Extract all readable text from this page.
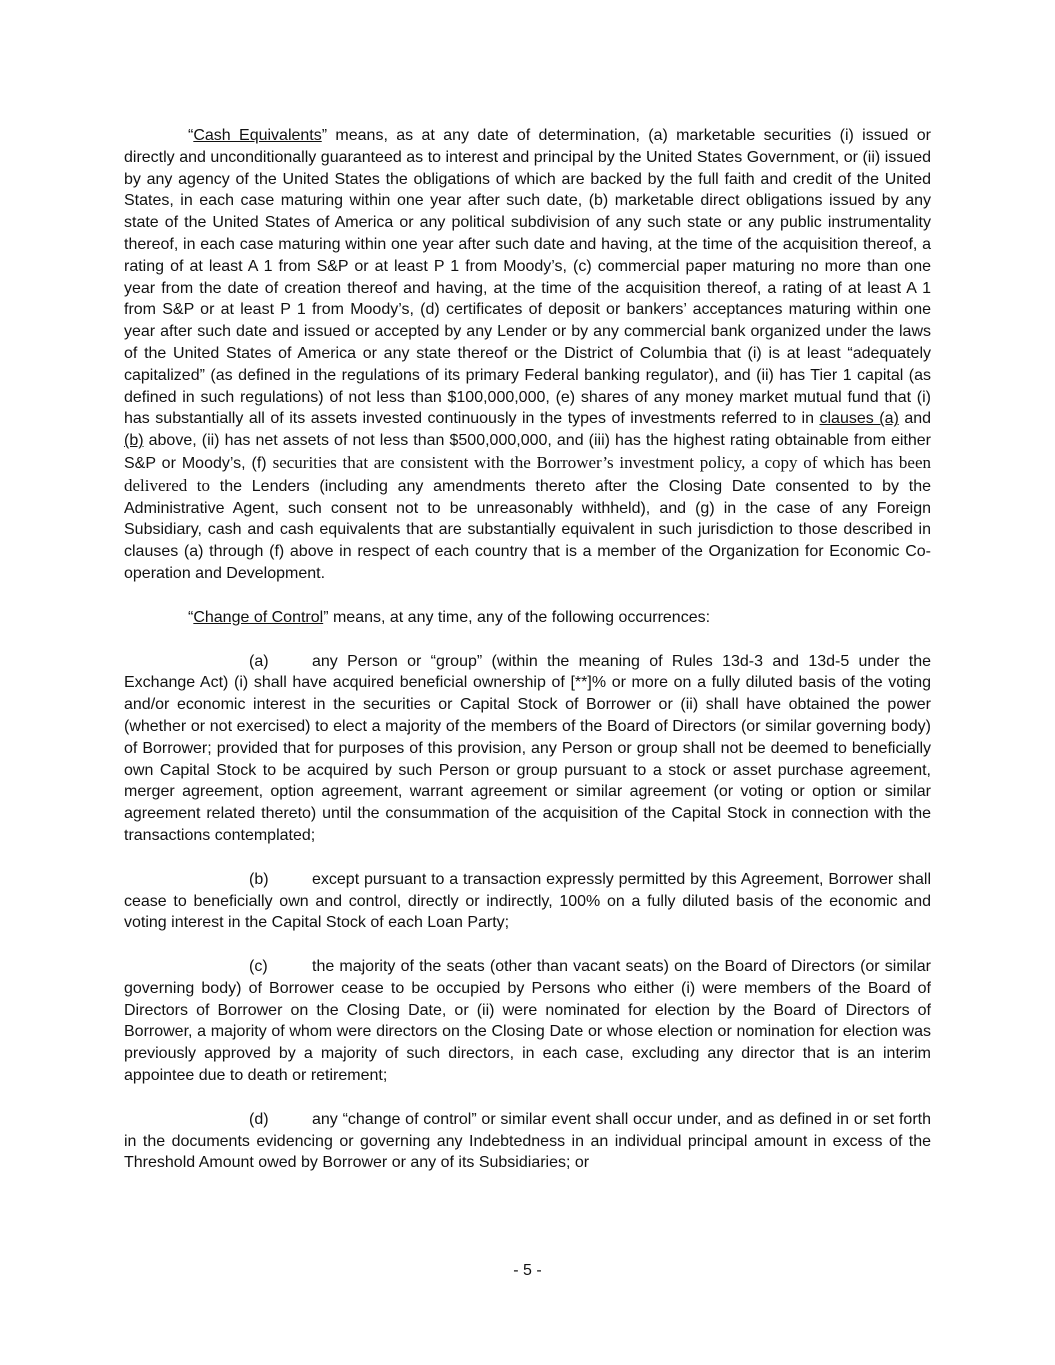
“Cash Equivalents” means, as at any date of determination, (a) marketable securities (i) issued or directly and unconditionally guaranteed as to interest and principal by the United States Government, or (ii) issued by any agency of the United States the obligations of which are backed by the full faith and credit of the United States, in each case maturing within one year after such date, (b) marketable direct obligations issued by any state of the United States of America or any political subdivision of any such state or any public instrumentality thereof, in each case maturing within one year after such date and having, at the time of the acquisition thereof, a rating of at least A 1 from S&P or at least P 1 from Moody’s, (c) commercial paper maturing no more than one year from the date of creation thereof and having, at the time of the acquisition thereof, a rating of at least A 1 from S&P or at least P 1 from Moody’s, (d) certificates of deposit or bankers’ acceptances maturing within one year after such date and issued or accepted by any Lender or by any commercial bank organized under the laws of the United States of America or any state thereof or the District of Columbia that (i) is at least “adequately capitalized” (as defined in the regulations of its primary Federal banking regulator), and (ii) has Tier 1 capital (as defined in such regulations) of not less than $100,000,000, (e) shares of any money market mutual fund that (i) has substantially all of its assets invested continuously in the types of investments referred to in clauses (a) and (b) above, (ii) has net assets of not less than $500,000,000, and (iii) has the highest rating obtainable from either S&P or Moody’s, (f) securities that are consistent with the Borrower’s investment policy, a copy of which has been delivered to the Lenders (including any amendments thereto after the Closing Date consented to by the Administrative Agent, such consent not to be unreasonably withheld), and (g) in the case of any Foreign Subsidiary, cash and cash equivalents that are substantially equivalent in such jurisdiction to those described in clauses (a) through (f) above in respect of each country that is a member of the Organization for Economic Co-operation and Development.

“Change of Control” means, at any time, any of the following occurrences:

(a)	any Person or “group” (within the meaning of Rules 13d-3 and 13d-5 under the Exchange Act) (i) shall have acquired beneficial ownership of [**]% or more on a fully diluted basis of the voting and/or economic interest in the securities or Capital Stock of Borrower or (ii) shall have obtained the power (whether or not exercised) to elect a majority of the members of the Board of Directors (or similar governing body) of Borrower; provided that for purposes of this provision, any Person or group shall not be deemed to beneficially own Capital Stock to be acquired by such Person or group pursuant to a stock or asset purchase agreement, merger agreement, option agreement, warrant agreement or similar agreement (or voting or option or similar agreement related thereto) until the consummation of the acquisition of the Capital Stock in connection with the transactions contemplated;

(b)	except pursuant to a transaction expressly permitted by this Agreement, Borrower shall cease to beneficially own and control, directly or indirectly, 100% on a fully diluted basis of the economic and voting interest in the Capital Stock of each Loan Party;

(c)	the majority of the seats (other than vacant seats) on the Board of Directors (or similar governing body) of Borrower cease to be occupied by Persons who either (i) were members of the Board of Directors of Borrower on the Closing Date, or (ii) were nominated for election by the Board of Directors of Borrower, a majority of whom were directors on the Closing Date or whose election or nomination for election was previously approved by a majority of such directors, in each case, excluding any director that is an interim appointee due to death or retirement;

(d)	any “change of control” or similar event shall occur under, and as defined in or set forth in the documents evidencing or governing any Indebtedness in an individual principal amount in excess of the Threshold Amount owed by Borrower or any of its Subsidiaries; or

- 5 -
